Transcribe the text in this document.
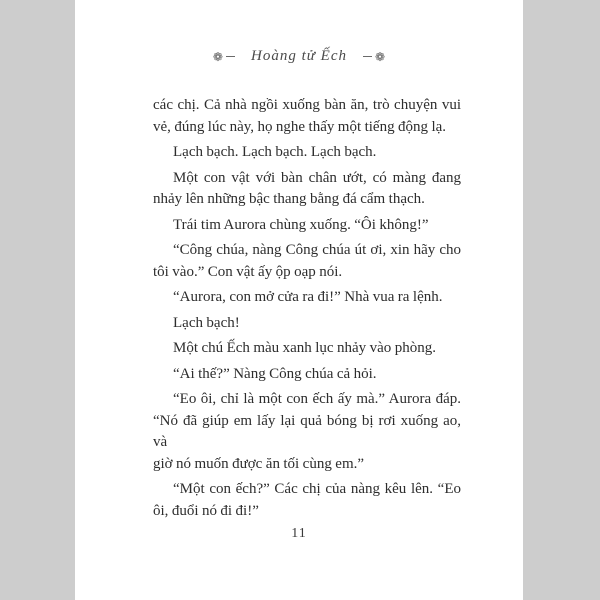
❁ Hoàng tử Ếch ❁

các chị. Cả nhà ngồi xuống bàn ăn, trò chuyện vui
vẻ, đúng lúc này, họ nghe thấy một tiếng động lạ.

Lạch bạch. Lạch bạch. Lạch bạch.

Một con vật với bàn chân ướt, có màng đang
nhảy lên những bậc thang bằng đá cẩm thạch.

Trái tim Aurora chùng xuống. “Ôi không!”

“Công chúa, nàng Công chúa út ơi, xin hãy cho
tôi vào.” Con vật ấy ộp oạp nói.

“Aurora, con mở cửa ra đi!” Nhà vua ra lệnh.

Lạch bạch!

Một chú Ếch màu xanh lục nhảy vào phòng.

“Ai thế?” Nàng Công chúa cả hỏi.

“Eo ôi, chỉ là một con ếch ấy mà.” Aurora đáp.
“Nó đã giúp em lấy lại quả bóng bị rơi xuống ao, và
giờ nó muốn được ăn tối cùng em.”

“Một con ếch?” Các chị của nàng kêu lên. “Eo
ôi, đuổi nó đi đi!”

11
